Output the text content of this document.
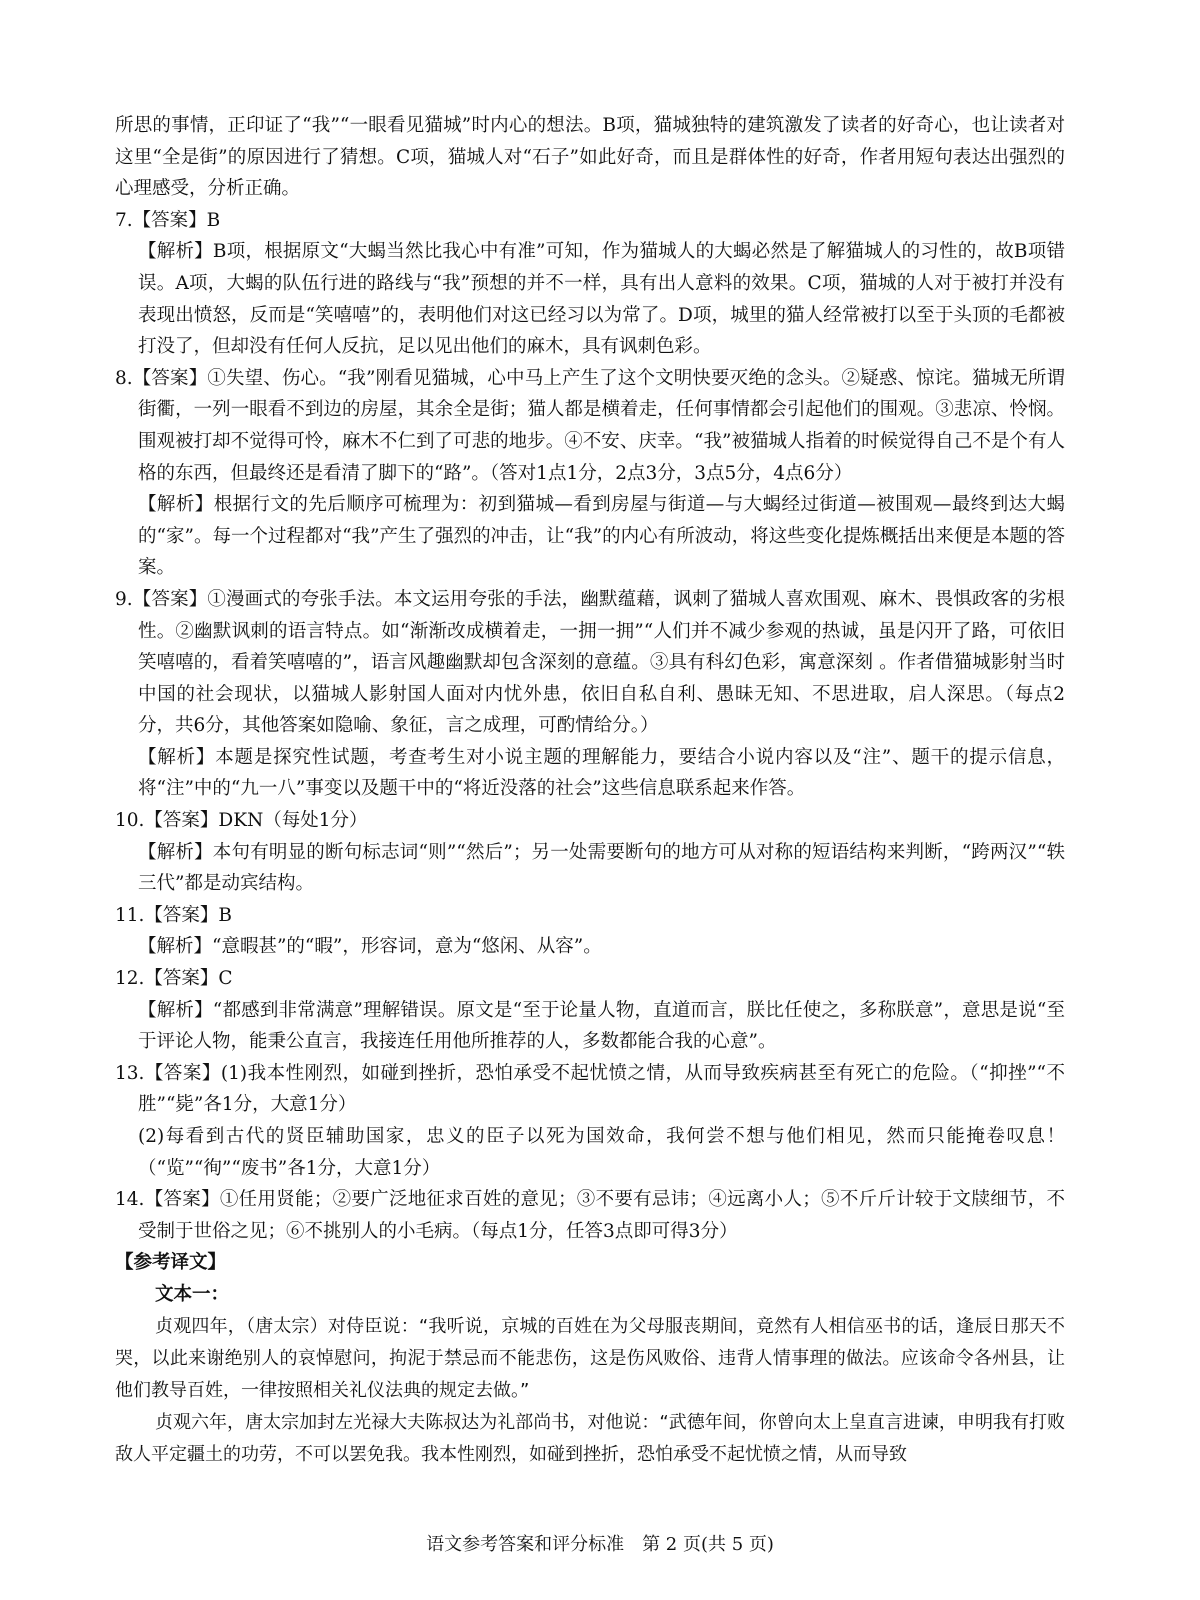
所思的事情，正印证了“我”“一眼看见猫城”时内心的想法。B项，猫城独特的建筑激发了读者的好奇心，也让读者对这里“全是街”的原因进行了猜想。C项，猫城人对“石子”如此好奇，而且是群体性的好奇，作者用短句表达出强烈的心理感受，分析正确。

7.【答案】B

【解析】B项，根据原文“大蝎当然比我心中有准”可知，作为猫城人的大蝎必然是了解猫城人的习性的，故B项错误。A项，大蝎的队伍行进的路线与“我”预想的并不一样，具有出人意料的效果。C项，猫城的人对于被打并没有表现出愤怒，反而是“笑嘻嘻”的，表明他们对这已经习以为常了。D项，城里的猫人经常被打以至于头顶的毛都被打没了，但却没有任何人反抗，足以见出他们的麻木，具有讽刺色彩。

8.【答案】①失望、伤心。“我”刚看见猫城，心中马上产生了这个文明快要灭绝的念头。②疑惑、惊诧。猫城无所谓街衢，一列一眼看不到边的房屋，其余全是街；猫人都是横着走，任何事情都会引起他们的围观。③悲凉、怜悯。围观被打却不觉得可怜，麻木不仁到了可悲的地步。④不安、庆幸。“我”被猫城人指着的时候觉得自己不是个有人格的东西，但最终还是看清了脚下的“路”。（答对1点1分，2点3分，3点5分，4点6分）

【解析】根据行文的先后顺序可梳理为：初到猫城—看到房屋与街道—与大蝎经过街道—被围观—最终到达大蝎的“家”。每一个过程都对“我”产生了强烈的冲击，让“我”的内心有所波动，将这些变化提炼概括出来便是本题的答案。

9.【答案】①漫画式的夸张手法。本文运用夸张的手法，幽默蕴藉，讽刺了猫城人喜欢围观、麻木、畏惧政客的劣根性。②幽默讽刺的语言特点。如“渐渐改成横着走，一拥一拥”“人们并不减少参观的热诚，虽是闪开了路，可依旧笑嘻嘻的，看着笑嘻嘻的”，语言风趣幽默却包含深刻的意蕴。③具有科幻色彩，寓意深刻 。作者借猫城影射当时中国的社会现状，以猫城人影射国人面对内忧外患，依旧自私自利、愚昧无知、不思进取，启人深思。（每点2分，共6分，其他答案如隐喻、象征，言之成理，可酌情给分。）

【解析】本题是探究性试题，考查考生对小说主题的理解能力，要结合小说内容以及“注”、题干的提示信息，将“注”中的“九一八”事变以及题干中的“将近没落的社会”这些信息联系起来作答。

10.【答案】DKN（每处1分）

【解析】本句有明显的断句标志词“则”“然后”；另一处需要断句的地方可从对称的短语结构来判断，“跨两汉”“轶三代”都是动宾结构。

11.【答案】B

【解析】“意暇甚”的“暇”，形容词，意为“悠闲、从容”。

12.【答案】C

【解析】“都感到非常满意”理解错误。原文是“至于论量人物，直道而言，朕比任使之，多称朕意”，意思是说“至于评论人物，能秉公直言，我接连任用他所推荐的人，多数都能合我的心意”。

13.【答案】(1)我本性刚烈，如碰到挫折，恐怕承受不起忧愤之情，从而导致疾病甚至有死亡的危险。（“抑挫”“不胜”“毙”各1分，大意1分）

(2)每看到古代的贤臣辅助国家，忠义的臣子以死为国效命，我何尝不想与他们相见，然而只能掩卷叹息！（“览”“徇”“废书”各1分，大意1分）

14.【答案】①任用贤能；②要广泛地征求百姓的意见；③不要有忌讳；④远离小人；⑤不斤斤计较于文牍细节，不受制于世俗之见；⑥不挑别人的小毛病。（每点1分，任答3点即可得3分）

【参考译文】

文本一：

贞观四年，（唐太宗）对侍臣说：“我听说，京城的百姓在为父母服丧期间，竟然有人相信巫书的话，逢辰日那天不哭，以此来谢绝别人的哀悼慰问，拘泥于禁忌而不能悲伤，这是伤风败俗、违背人情事理的做法。应该命令各州县，让他们教导百姓，一律按照相关礼仪法典的规定去做。”

贞观六年，唐太宗加封左光禄大夫陈叔达为礼部尚书，对他说：“武德年间，你曾向太上皇直言进谏，申明我有打败敌人平定疆土的功劳，不可以罢免我。我本性刚烈，如碰到挫折，恐怕承受不起忧愤之情，从而导致

语文参考答案和评分标准　第 2 页(共 5 页)
